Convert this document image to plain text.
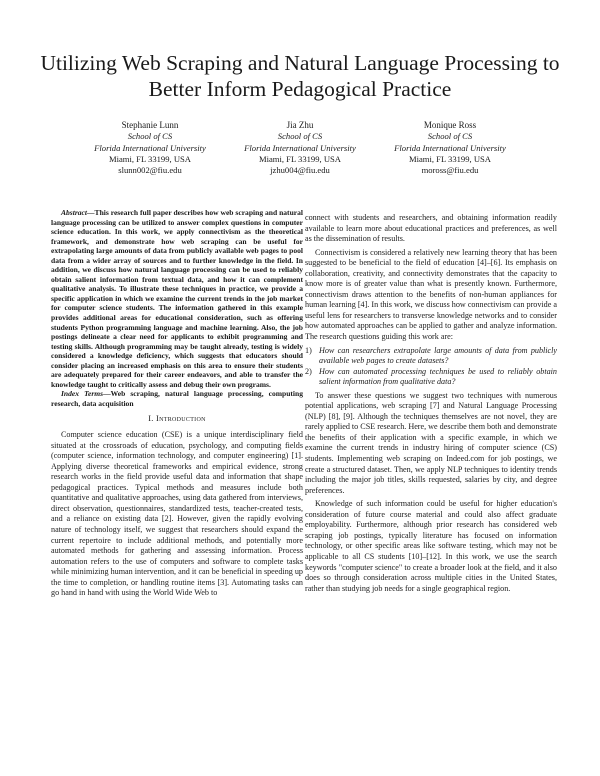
Utilizing Web Scraping and Natural Language Processing to Better Inform Pedagogical Practice
Stephanie Lunn
School of CS
Florida International University
Miami, FL 33199, USA
slunn002@fiu.edu
Jia Zhu
School of CS
Florida International University
Miami, FL 33199, USA
jzhu004@fiu.edu
Monique Ross
School of CS
Florida International University
Miami, FL 33199, USA
moross@fiu.edu

Abstract—This research full paper describes how web scraping and natural language processing can be utilized to answer complex questions in computer science education. In this work, we apply connectivism as the theoretical framework, and demonstrate how web scraping can be useful for extrapolating large amounts of data from publicly available web pages to pool data from a wider array of sources and to further knowledge in the field. In addition, we discuss how natural language processing can be used to reliably obtain salient information from textual data, and how it can complement qualitative analysis. To illustrate these techniques in practice, we provide a specific application in which we examine the current trends in the job market for computer science students. The information gathered in this example provides additional areas for educational consideration, such as offering students Python programming language and machine learning. Also, the job postings delineate a clear need for applicants to exhibit programming and testing skills. Although programming may be taught already, testing is widely considered a knowledge deficiency, which suggests that educators should consider placing an increased emphasis on this area to ensure their students are adequately prepared for their career endeavors, and able to transfer the knowledge taught to critically assess and debug their own programs.

Index Terms—Web scraping, natural language processing, computing research, data acquisition

I. Introduction

Computer science education (CSE) is a unique interdisciplinary field situated at the crossroads of education, psychology, and computing fields (computer science, information technology, and computer engineering) [1]. Applying diverse theoretical frameworks and empirical evidence, strong research works in the field provide useful data and information that shape pedagogical practices. Typical methods and measures include both quantitative and qualitative approaches, using data gathered from interviews, direct observation, questionnaires, standardized tests, teacher-created tests, and a reliance on existing data [2]. However, given the rapidly evolving nature of technology itself, we suggest that researchers should expand the current repertoire to include additional methods, and potentially more automated methods for gathering and assessing information. Process automation refers to the use of computers and software to complete tasks while minimizing human intervention, and it can be beneficial in speeding up the time to completion, or handling routine items [3]. Automating tasks can go hand in hand with using the World Wide Web to

connect with students and researchers, and obtaining information readily available to learn more about educational practices and preferences, as well as the dissemination of results.

Connectivism is considered a relatively new learning theory that has been suggested to be beneficial to the field of education [4]–[6]. Its emphasis on collaboration, creativity, and connectivity demonstrates that the capacity to know more is of greater value than what is presently known. Furthermore, connectivism draws attention to the benefits of non-human appliances for human learning [4]. In this work, we discuss how connectivism can provide a useful lens for researchers to transverse knowledge networks and to consider how automated approaches can be applied to gather and analyze information. The research questions guiding this work are:

1) How can researchers extrapolate large amounts of data from publicly available web pages to create datasets?
2) How can automated processing techniques be used to reliably obtain salient information from qualitative data?

To answer these questions we suggest two techniques with numerous potential applications, web scraping [7] and Natural Language Processing (NLP) [8], [9]. Although the techniques themselves are not novel, they are rarely applied to CSE research. Here, we describe them both and demonstrate the benefits of their application with a specific example, in which we examine the current trends in industry hiring of computer science (CS) students. Implementing web scraping on Indeed.com for job postings, we create a structured dataset. Then, we apply NLP techniques to identity trends including the major job titles, skills requested, salaries by city, and degree preferences.

Knowledge of such information could be useful for higher education's consideration of future course material and could also affect graduate employability. Furthermore, although prior research has considered web scraping job postings, typically literature has focused on information technology, or other specific areas like software testing, which may not be applicable to all CS students [10]–[12]. In this work, we use the search keywords "computer science" to create a broader look at the field, and it also does so through consideration across multiple cities in the United States, rather than studying job needs for a single geographical region.
